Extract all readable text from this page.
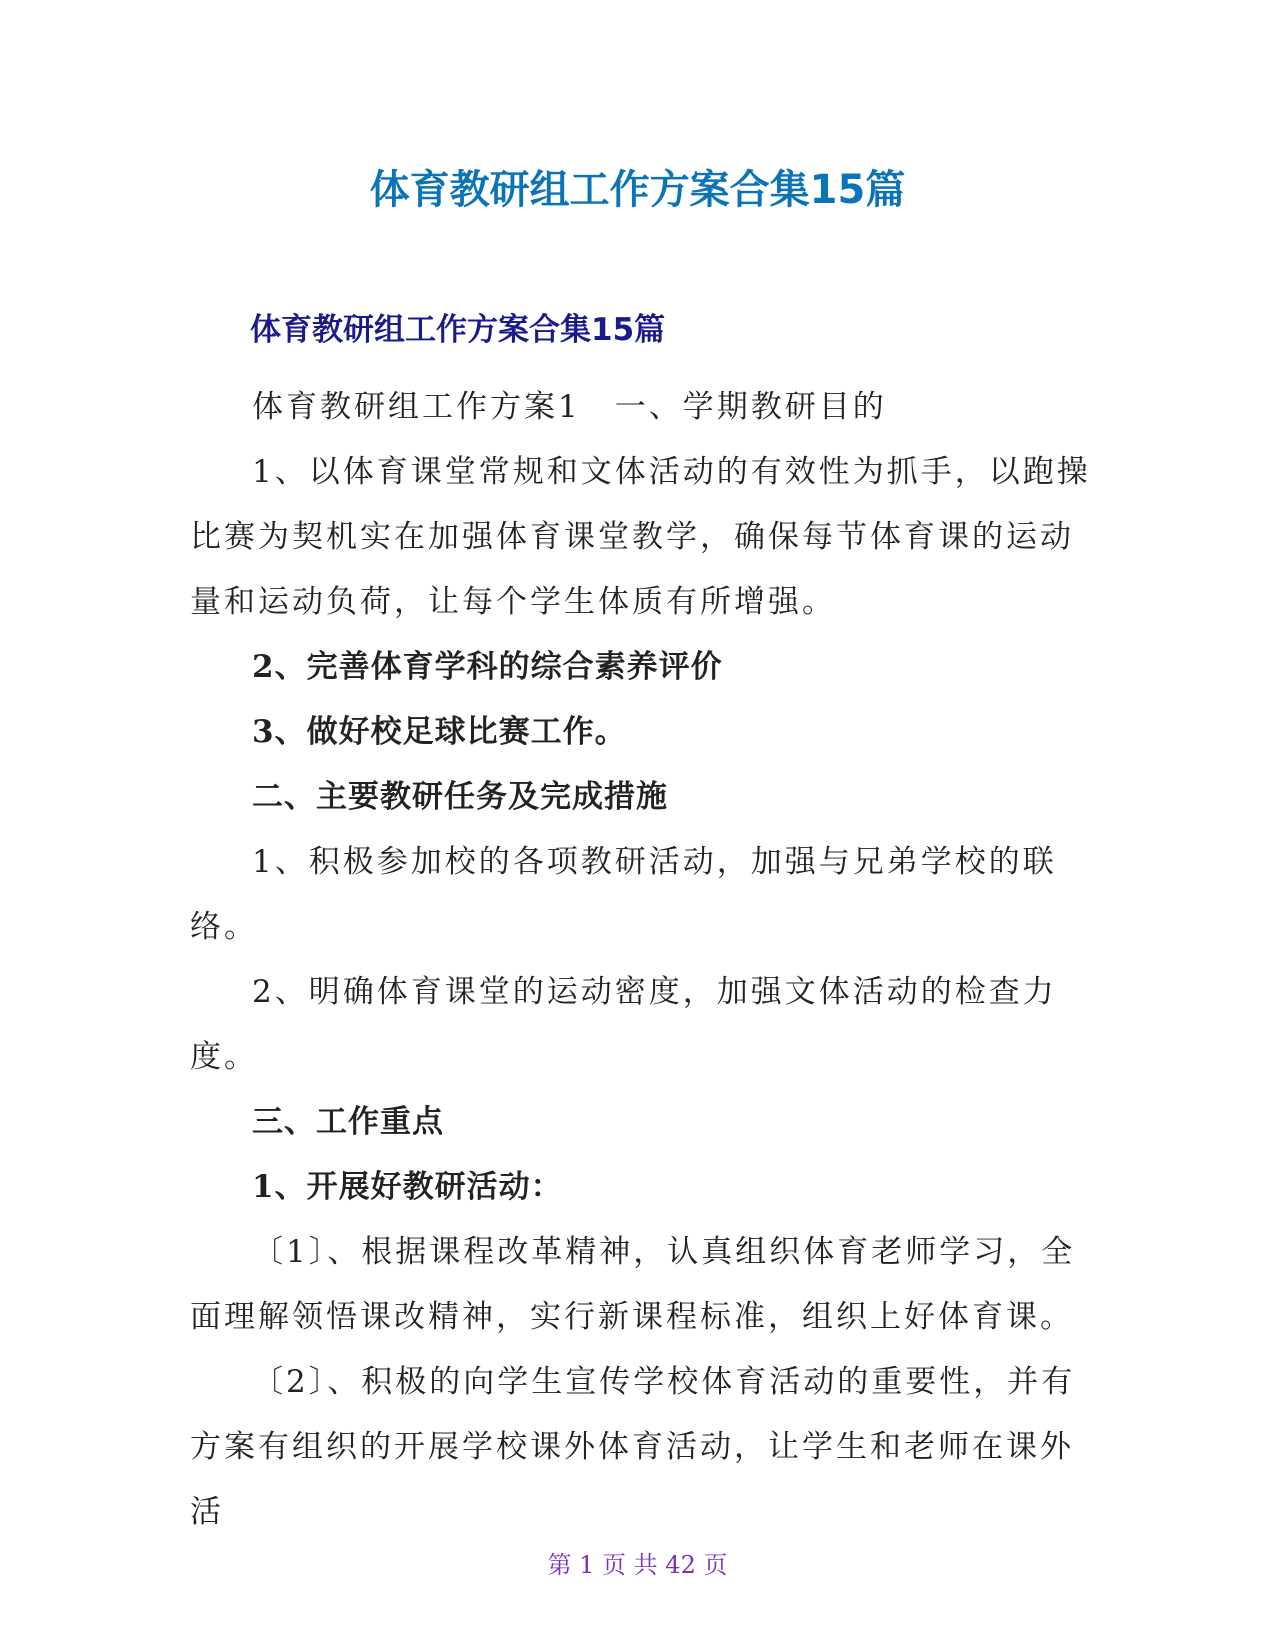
体育教研组工作方案合集15篇
体育教研组工作方案合集15篇

体育教研组工作方案1　一、学期教研目的

1、以体育课堂常规和文体活动的有效性为抓手，以跑操比赛为契机实在加强体育课堂教学，确保每节体育课的运动量和运动负荷，让每个学生体质有所增强。

2、完善体育学科的综合素养评价

3、做好校足球比赛工作。

二、主要教研任务及完成措施

1、积极参加校的各项教研活动，加强与兄弟学校的联络。

2、明确体育课堂的运动密度，加强文体活动的检查力度。

三、工作重点

1、开展好教研活动：

〔1〕、根据课程改革精神，认真组织体育老师学习，全面理解领悟课改精神，实行新课程标准，组织上好体育课。

〔2〕、积极的向学生宣传学校体育活动的重要性，并有方案有组织的开展学校课外体育活动，让学生和老师在课外活

第 1 页 共 42 页
